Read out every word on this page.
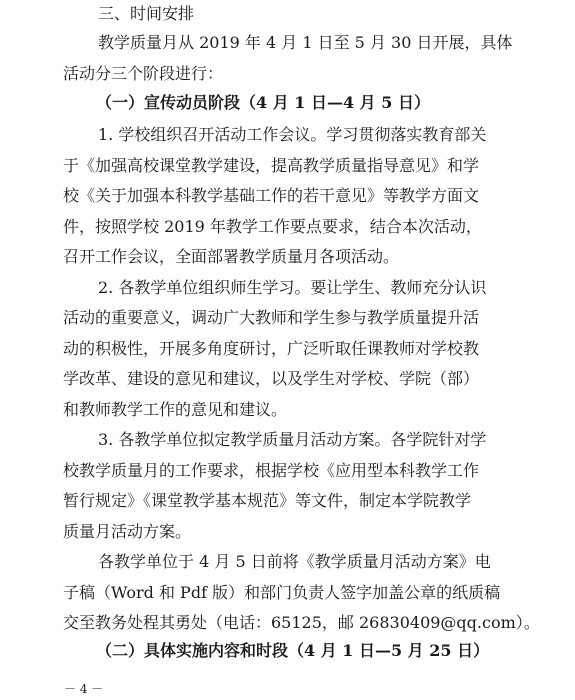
三、时间安排

教学质量月从 2019 年 4 月 1 日至 5 月 30 日开展，具体

活动分三个阶段进行：

（一）宣传动员阶段（4 月 1 日—4 月 5 日）

1. 学校组织召开活动工作会议。学习贯彻落实教育部关

于《加强高校课堂教学建设，提高教学质量指导意见》和学

校《关于加强本科教学基础工作的若干意见》等教学方面文

件，按照学校 2019 年教学工作要点要求，结合本次活动，

召开工作会议，全面部署教学质量月各项活动。

2. 各教学单位组织师生学习。要让学生、教师充分认识

活动的重要意义，调动广大教师和学生参与教学质量提升活

动的积极性，开展多角度研讨，广泛听取任课教师对学校教

学改革、建设的意见和建议，以及学生对学校、学院（部）

和教师教学工作的意见和建议。

3. 各教学单位拟定教学质量月活动方案。各学院针对学

校教学质量月的工作要求，根据学校《应用型本科教学工作

暂行规定》《课堂教学基本规范》等文件，制定本学院教学

质量月活动方案。

各教学单位于 4 月 5 日前将《教学质量月活动方案》电

子稿（Word 和 Pdf 版）和部门负责人签字加盖公章的纸质稿

交至教务处程其勇处（电话：65125，邮 26830409@qq.com）。

（二）具体实施内容和时段（4 月 1 日—5 月 25 日）

－ 4 －
